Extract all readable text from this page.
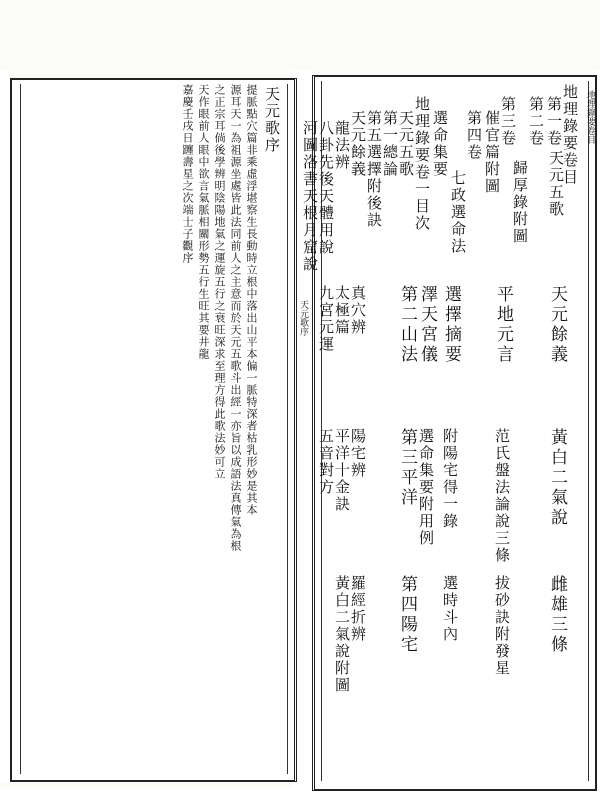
天元歌序
天元歌序
提脈點穴篇非乘虛浮堪察生長動時立根中落出山平本偏一脈特深者枯乳形妙是其本
源耳天一為祖源坐處皆此法同前人之主意而於天元五歌斗出經一亦旨以成語法真傳氣為根
之正宗耳倘後學辨明陰陽地氣之運旋五行之衰旺深求至理方得此歌法妙可立
天作眼前人眼中欲言氣脈相關形勢五行生旺其要井龍
嘉慶壬戌日躔壽星之次端士子觀序	地理錄要卷目
地理錄要卷目
第一卷
天元五歌
天元餘義
黃白二氣說
雌雄三條
第二卷
歸厚錄附圖
平地元言
范氏盤法論說三條
拔砂訣附發星
第三卷
催官篇附圖
第四卷
七政選命法
選擇摘要
附陽宅得一錄
選時斗內
選命集要
澤天宮儀
選命集要附用例
地理錄要卷一目次
天元五歌
第一總論
第二山法
第三平洋
第四陽宅
第五選擇附後訣
天元餘義
龍法辨
真穴辨
陽宅辨
羅經折辨
八卦先後天體用說
太極篇
平洋十金訣
黃白二氣說附圖
河圖洛書天根月窟說
九宮元運
五音對方
